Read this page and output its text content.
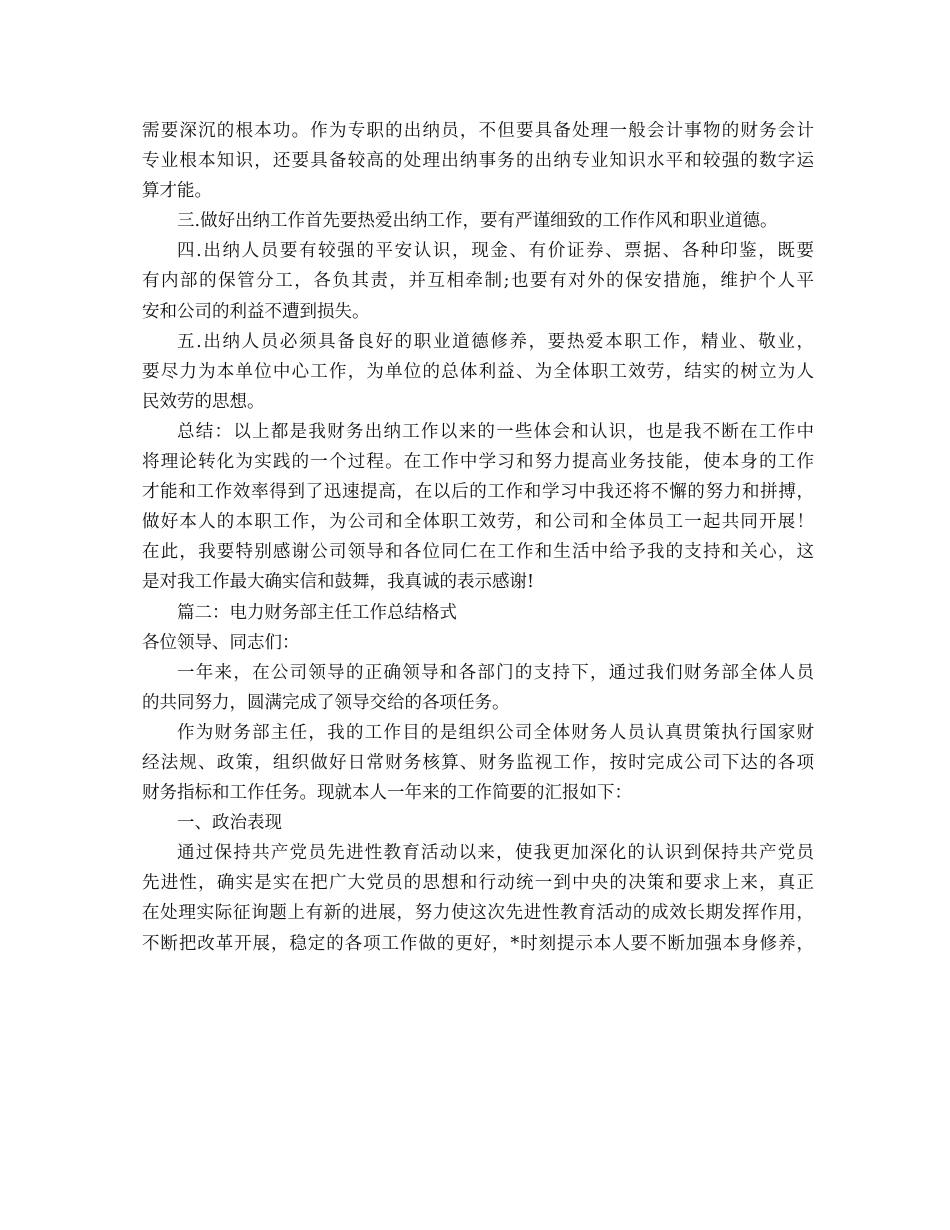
需要深沉的根本功。作为专职的出纳员，不但要具备处理一般会计事物的财务会计
专业根本知识，还要具备较高的处理出纳事务的出纳专业知识水平和较强的数字运
算才能。
三.做好出纳工作首先要热爱出纳工作，要有严谨细致的工作作风和职业道德。
四.出纳人员要有较强的平安认识，现金、有价证券、票据、各种印鉴，既要
有内部的保管分工，各负其责，并互相牵制;也要有对外的保安措施，维护个人平
安和公司的利益不遭到损失。
五.出纳人员必须具备良好的职业道德修养，要热爱本职工作，精业、敬业，
要尽力为本单位中心工作，为单位的总体利益、为全体职工效劳，结实的树立为人
民效劳的思想。
总结：以上都是我财务出纳工作以来的一些体会和认识，也是我不断在工作中
将理论转化为实践的一个过程。在工作中学习和努力提高业务技能，使本身的工作
才能和工作效率得到了迅速提高，在以后的工作和学习中我还将不懈的努力和拼搏，
做好本人的本职工作，为公司和全体职工效劳，和公司和全体员工一起共同开展！
在此，我要特别感谢公司领导和各位同仁在工作和生活中给予我的支持和关心，这
是对我工作最大确实信和鼓舞，我真诚的表示感谢!
篇二：电力财务部主任工作总结格式
各位领导、同志们：
一年来，在公司领导的正确领导和各部门的支持下，通过我们财务部全体人员
的共同努力，圆满完成了领导交给的各项任务。
作为财务部主任，我的工作目的是组织公司全体财务人员认真贯策执行国家财
经法规、政策，组织做好日常财务核算、财务监视工作，按时完成公司下达的各项
财务指标和工作任务。现就本人一年来的工作简要的汇报如下：
一、政治表现
通过保持共产党员先进性教育活动以来，使我更加深化的认识到保持共产党员
先进性，确实是实在把广大党员的思想和行动统一到中央的决策和要求上来，真正
在处理实际征询题上有新的进展，努力使这次先进性教育活动的成效长期发挥作用，
不断把改革开展，稳定的各项工作做的更好，*时刻提示本人要不断加强本身修养，
